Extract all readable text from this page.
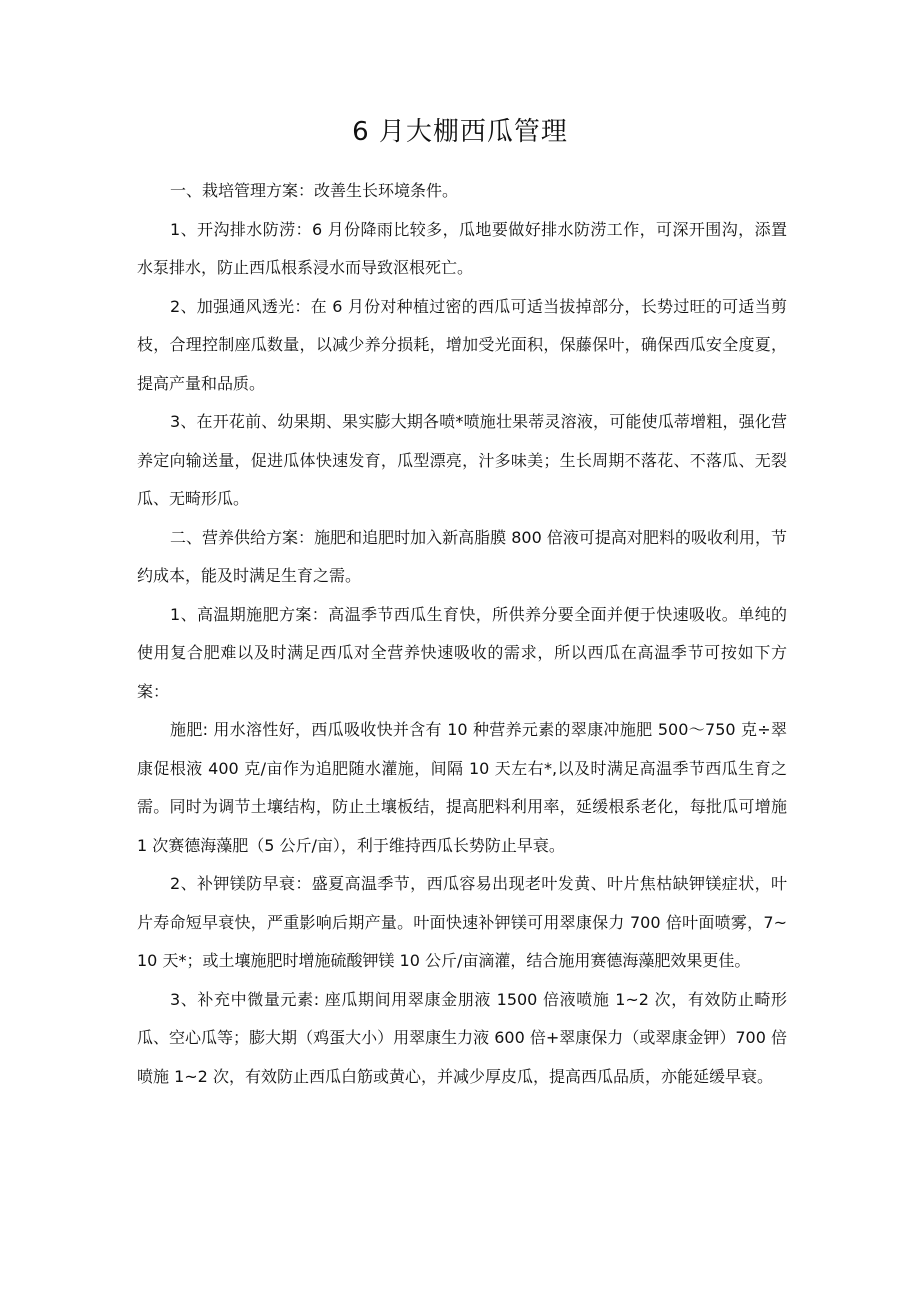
6 月大棚西瓜管理

一、栽培管理方案：改善生长环境条件。

1、开沟排水防涝：6 月份降雨比较多，瓜地要做好排水防涝工作，可深开围沟，添置水泵排水，防止西瓜根系浸水而导致沤根死亡。

2、加强通风透光：在 6 月份对种植过密的西瓜可适当拔掉部分，长势过旺的可适当剪枝，合理控制座瓜数量，以减少养分损耗，增加受光面积，保藤保叶，确保西瓜安全度夏，提高产量和品质。

3、在开花前、幼果期、果实膨大期各喷*喷施壮果蒂灵溶液，可能使瓜蒂增粗，强化营养定向输送量，促进瓜体快速发育，瓜型漂亮，汁多味美；生长周期不落花、不落瓜、无裂瓜、无畸形瓜。

二、营养供给方案：施肥和追肥时加入新高脂膜 800 倍液可提高对肥料的吸收利用，节约成本，能及时满足生育之需。

1、高温期施肥方案：高温季节西瓜生育快，所供养分要全面并便于快速吸收。单纯的使用复合肥难以及时满足西瓜对全营养快速吸收的需求，所以西瓜在高温季节可按如下方案：

施肥: 用水溶性好，西瓜吸收快并含有 10 种营养元素的翠康冲施肥 500～750 克÷翠康促根液 400 克/亩作为追肥随水灌施，间隔 10 天左右*,以及时满足高温季节西瓜生育之需。同时为调节土壤结构，防止土壤板结，提高肥料利用率，延缓根系老化，每批瓜可增施 1 次赛德海藻肥（5 公斤/亩），利于维持西瓜长势防止早衰。

2、补钾镁防早衰：盛夏高温季节，西瓜容易出现老叶发黄、叶片焦枯缺钾镁症状，叶片寿命短早衰快，严重影响后期产量。叶面快速补钾镁可用翠康保力 700 倍叶面喷雾，7~10 天*；或土壤施肥时增施硫酸钾镁 10 公斤/亩滴灌，结合施用赛德海藻肥效果更佳。

3、补充中微量元素: 座瓜期间用翠康金朋液 1500 倍液喷施 1~2 次，有效防止畸形瓜、空心瓜等；膨大期（鸡蛋大小）用翠康生力液 600 倍+翠康保力（或翠康金钾）700 倍喷施 1~2 次，有效防止西瓜白筋或黄心，并减少厚皮瓜，提高西瓜品质，亦能延缓早衰。
